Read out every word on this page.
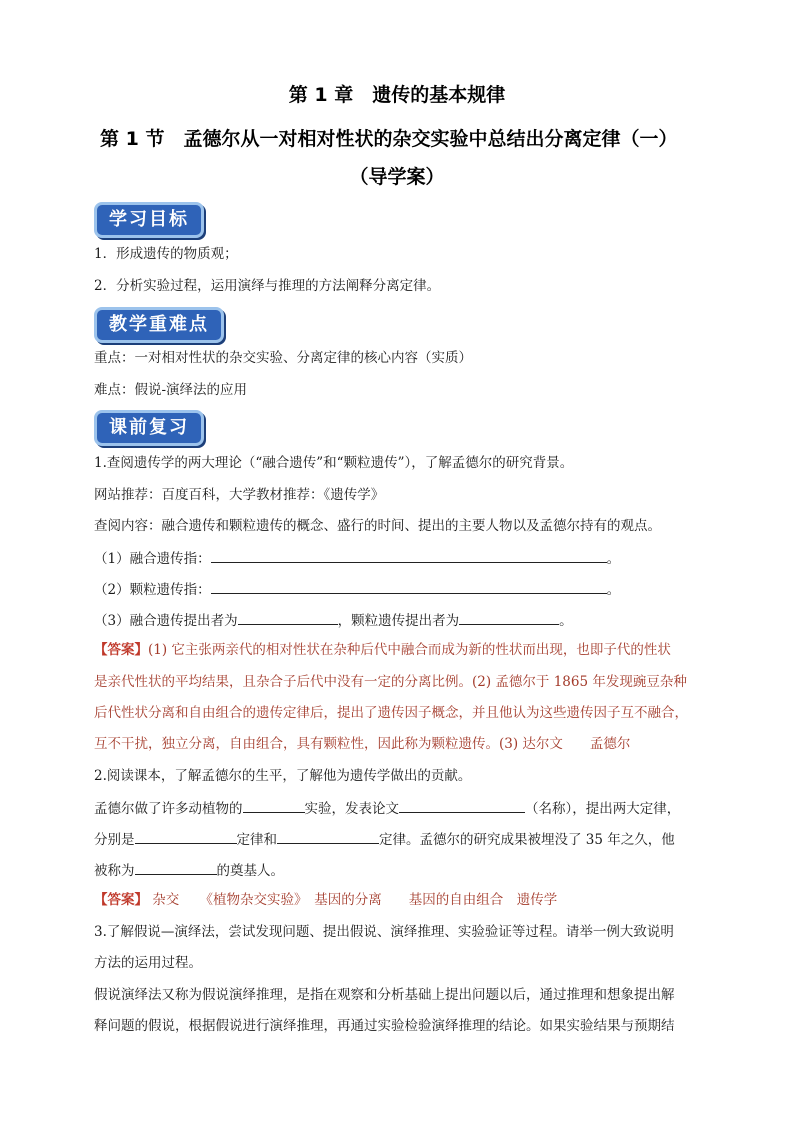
第 1 章　遗传的基本规律
第 1 节　孟德尔从一对相对性状的杂交实验中总结出分离定律（一）
（导学案）
学习目标
1．形成遗传的物质观；
2．分析实验过程，运用演绎与推理的方法阐释分离定律。
教学重难点
重点：一对相对性状的杂交实验、分离定律的核心内容（实质）
难点：假说-演绎法的应用
课前复习
1.查阅遗传学的两大理论（“融合遗传”和“颗粒遗传”），了解孟德尔的研究背景。
网站推荐：百度百科，大学教材推荐：《遗传学》
查阅内容：融合遗传和颗粒遗传的概念、盛行的时间、提出的主要人物以及孟德尔持有的观点。
（1）融合遗传指：	。
（2）颗粒遗传指：	。
（3）融合遗传提出者为	，颗粒遗传提出者为	。
【答案】(1) 它主张两亲代的相对性状在杂种后代中融合而成为新的性状而出现，也即子代的性状
是亲代性状的平均结果，且杂合子后代中没有一定的分离比例。(2) 孟德尔于 1865 年发现豌豆杂种
后代性状分离和自由组合的遗传定律后，提出了遗传因子概念，并且他认为这些遗传因子互不融合，
互不干扰，独立分离，自由组合，具有颗粒性，因此称为颗粒遗传。(3) 达尔文　　孟德尔
2.阅读课本，了解孟德尔的生平，了解他为遗传学做出的贡献。
孟德尔做了许多动植物的	实验，发表论文	（名称），提出两大定律，
分别是	定律和	定律。孟德尔的研究成果被埋没了 35 年之久，他
被称为	的奠基人。
【答案】 杂交　　《植物杂交实验》　基因的分离　　基因的自由组合　遗传学
3.了解假说—演绎法，尝试发现问题、提出假说、演绎推理、实验验证等过程。请举一例大致说明
方法的运用过程。
假说演绎法又称为假说演绎推理，是指在观察和分析基础上提出问题以后，通过推理和想象提出解
释问题的假说，根据假说进行演绎推理，再通过实验检验演绎推理的结论。如果实验结果与预期结
